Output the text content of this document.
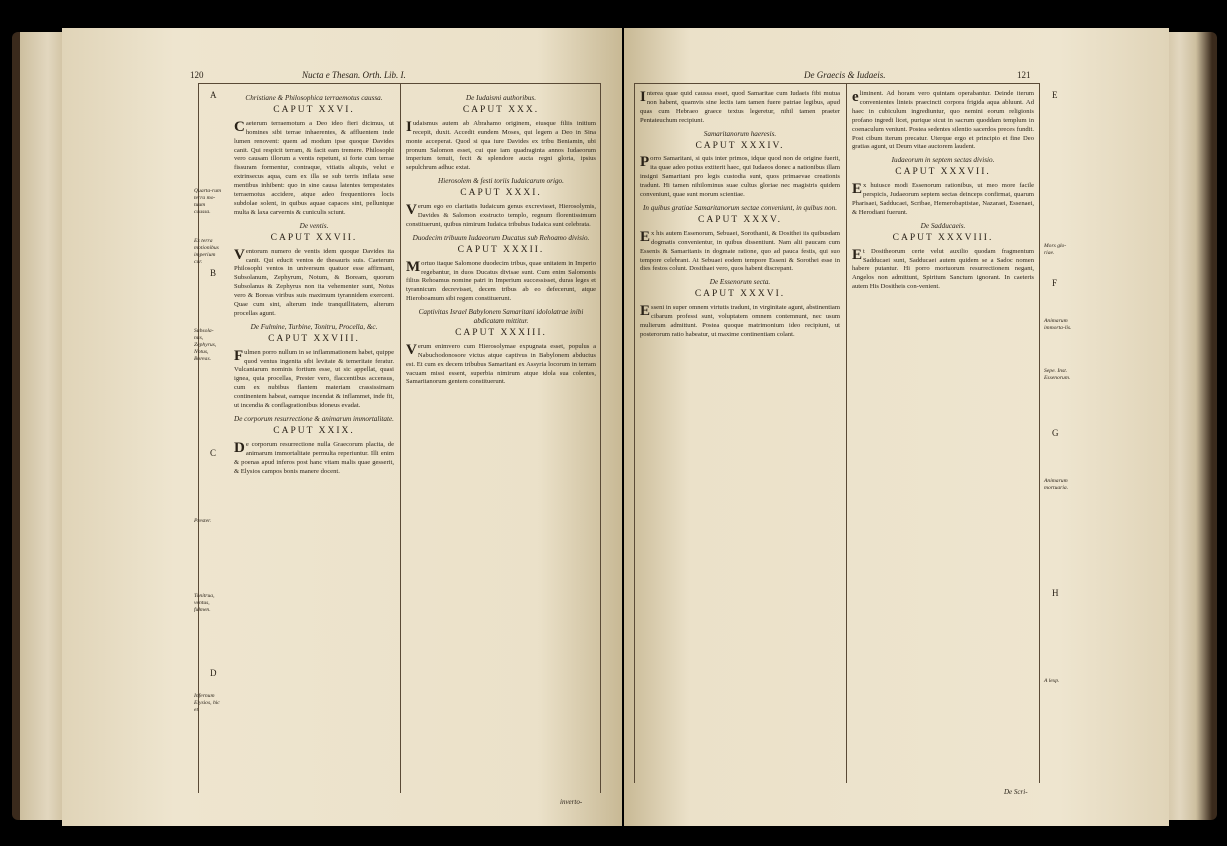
120	Nucta e Thesan. Orth. Lib. I.
A
B
C
D
Quarta-rum terra mo-tuum caussa.
Ex terra motionibus imperium cur.
Subsola-nus, Zephyrus, Notus, Boreas.
Prester.
Tonitrua, ventus, fulmen.
Infernum Elysios, hic et.
Christiane & Philosophica terraemotus caussa.
CAPUT XXVI.

Caeterum terraemotum a Deo ideo fieri dicimus, ut homines sibi terrae inhaerentes, & affluentem inde lumen renovent: quem ad modum ipse quoque Davides canit. Qui respicit terram, & facit eam tremere. Philosophi vero causam illorum a ventis repetunt, si forte cum terrae fissuram formentur, contraque, vitiatis aliquis, velut e extrinsecus aqua, cum ex illa se sub terris inflata sese mentibus inhibent: quo in sine causa latentes tempestates terraemotus accidere, atque adeo frequentiores locis subdolae solent, in quibus aquae capaces sint, pelluntque multa & laxa carvernis & cuniculis sciunt.

De ventis.
CAPUT XXVII.

Ventorum numero de ventis idem quoque Davides ita canit. Qui educit ventos de thesauris suis. Caeterum Philosophi ventos in universum quatuor esse affirmant, Subsolanum, Zephyrum, Notum, & Boream, quorum Subsolanus & Zephyrus non ita vehementer sunt, Notus vero & Boreas viribus suis maximum tyrannidem exercent. Quae cum sint, alterum inde tranquillitatem, alterum procellas agunt.

De Fulmine, Turbine, Tonitru, Procella, &c.
CAPUT XXVIII.

Fulmen porro nullum in se inflammationem habet, quippe quod ventus ingenita sibi levitate & temeritate feratur. Vulcaniarum nominis fortium esse, ut sic appellat, quasi ignea, quia procellas, Prester vero, flaccentibus accensus, cum ex nubibus flantem materiam crassissimam continentem habeat, eamque incendat & inflammet, inde fit, ut incendia & conflagrationibus idoneus evadat.

De corporum resurrectione & animarum immortalitate.
CAPUT XXIX.

De corporum resurrectione nulla Graecorum placita, de animarum immortalitate permulta reperiuntur. Illi enim & poenas apud inferos post hanc vitam malis quae gesserit, & Elysios campos bonis manere docent.

De Iudaismi authoribus.
CAPUT XXX.

Iudaismus autem ab Abrahamo originem, eiusque filiis initium recepit, duxit. Accedit eundem Moses, qui legem a Deo in Sina monte acceperat. Quod si qua iure Davides ex tribu Beniamin, ubi pronum Salomon esset, cui que iam quadraginta annos Iudaeorum imperium tenuit, fecit & splendore aucta regni gloria, ipsius sepulchrum adhuc extat.

Hierosolem & festi toriis Iudaicarum origo.
CAPUT XXXI.

Verum ego eo claritatis Iudaicum genus excrevisset, Hierosolymis, Davides & Salomon exstructo templo, regnum florentissimum constituerunt, quibus nimirum Iudaica tribubus Iudaica sunt celebrata.

Duodecim tribuum Iudaeorum Ducatus sub Rehoamo divisio.
CAPUT XXXII.

Mortuo itaque Salomone duodecim tribus, quae unitatem in Imperio regebantur, in duos Ducatus divisae sunt. Cum enim Salomonis filius Rehoamus nomine patri in Imperium successisset, duras leges et tyrannicum decrevisset, decem tribus ab eo defecerunt, atque Hieroboamum sibi regem constituerunt.

Captivitas Israel Babylonem Samaritani idololatrae inibi abdicatam mittitur.
CAPUT XXXIII.

Verum enimvero cum Hierosolymae expugnata esset, populus a Nabuchodonosore victus atque captivus in Babylonem abductus est. Et cum ex decem tribubus Samaritani ex Assyria locorum in terram vacuam missi essent, superbia nimirum atque idola sua colentes, Samaritanorum gentem constituerunt.

inverto-
De Graecis & Iudaeis.	121
E
F
G
H
Mors glo-riae.
Animarum immorta-lis.
Sepe. Inst. Essenorum.
Animarum mortuaria.
A lexp.

Interea quae quid caussa esset, quod Samaritae cum Iudaeis fibi mutua non habent, quamvis sine lectis iam tamen fuere patriae legibus, apud quas cum Hebraeo graece textus legeretur, nihil tamen praeter Pentateuchum recipiunt.

Samaritanorum haeresis.
CAPUT XXXIV.

Porro Samaritani, si quis inter primos, idque quod non de origine fuerit, ita quae adeo potius extiterit haec, qui Iudaeos donec a nationibus illam insigni Samaritani pro legis custodia sunt, quos primaevae creationis tradunt. Hi tamen nihilominus suae cultus gloriae nec magistris quidem conveniunt, quae sunt morum scientiae.

In quibus gratiae Samaritanorum sectae conveniunt, in quibus non.
CAPUT XXXV.

Ex his autem Essenorum, Sebuaei, Sorothanii, & Dosithei iis quibusdam dogmatis convenientur, in quibus dissentiunt. Nam alii paucam cum Essenis & Samaritanis in dogmate ratione, quo ad pauca festis, qui suo tempore celebrant. At Sebuaei eodem tempore Esseni & Sorothei esse in dies festos colunt. Dosithaei vero, quos habent discrepant.

De Essenorum secta.
CAPUT XXXVI.

Esseni in super omnem virtutis tradunt, in virginitate agunt, abstinentiam cibarum professi sunt, voluptatem omnem contemnunt, nec usum mulierum admittunt. Postea quoque matrimonium ideo recipiunt, ut posterorum ratio habeatur, ut maxime continentiam colant.

eliminent. Ad horam vero quintam operabantur. Deinde iterum convenientes linteis praecincti corpora frigida aqua abluunt. Ad haec in cubiculum ingrediuntur, quo nemini eorum religionis profano ingredi licet, purique sicut in sacrum quoddam templum in coenaculum veniunt. Postea sedentes silentio sacerdos preces fundit. Post cibum iterum precatur. Uterque ergo et principio et fine Deo gratias agunt, ut Deum vitae auctorem laudent.

Iudaeorum in septem sectas divisio.
CAPUT XXXVII.

Ex huiusce modi Essenorum rationibus, ut meo more facile perspicis, Judaeorum septem sectas deinceps confirmat, quarum Pharisaei, Sadducaei, Scribae, Hemerobaptistae, Nazaraei, Essenaei, & Herodiani fuerunt.

De Sadducaeis.
CAPUT XXXVIII.

Et Dositheorum certe velut auxilio quodam fragmentum Sadducaei sunt, Sadducaei autem quidem se a Sadoc nomen habere putantur. Hi porro mortuorum resurrectionem negant, Angelos non admittunt, Spiritum Sanctum ignorant. In caeteris autem His Dositheis con-venient.

De Scri-
